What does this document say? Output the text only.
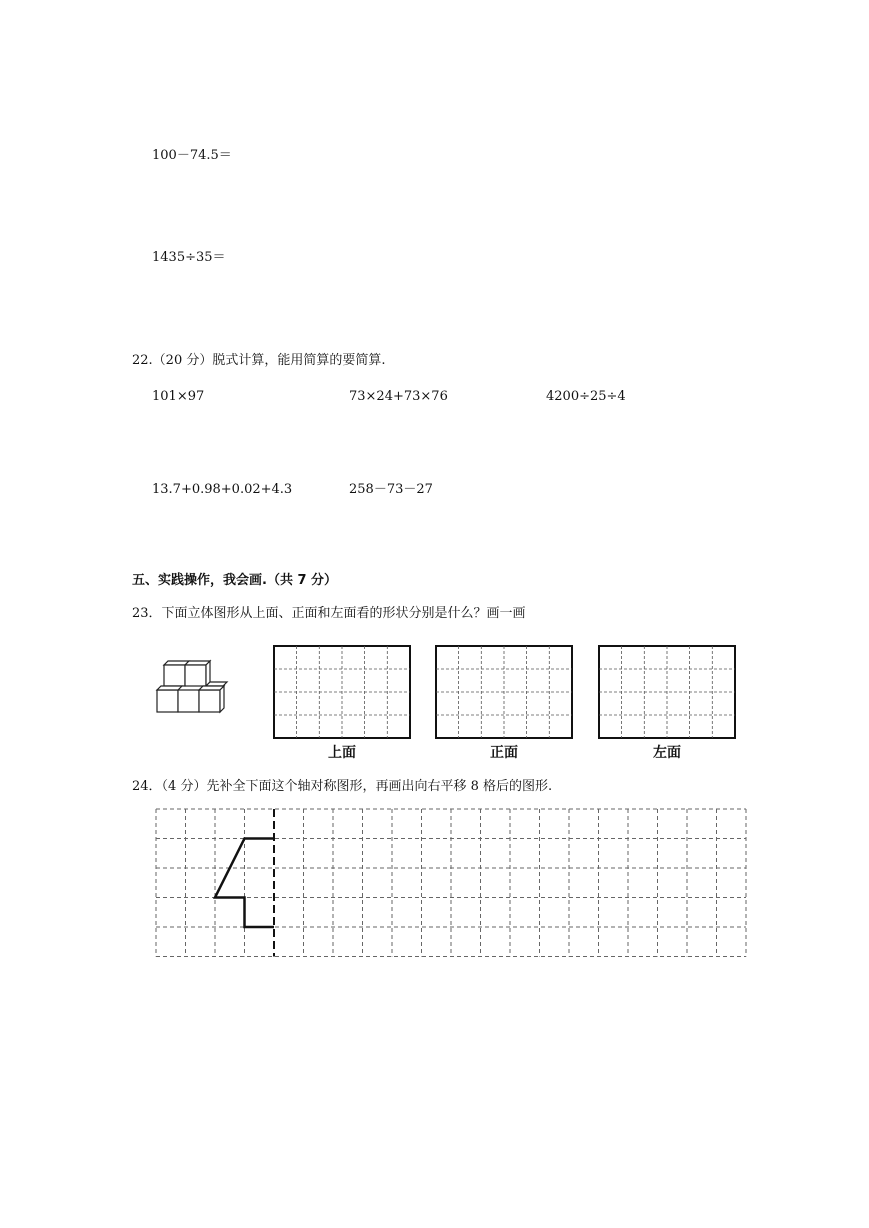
100－74.5＝
1435÷35＝
22.（20 分）脱式计算，能用简算的要简算.
101×97	73×24+73×76	4200÷25÷4
13.7+0.98+0.02+4.3	258－73－27
五、实践操作，我会画.（共 7 分）
23．下面立体图形从上面、正面和左面看的形状分别是什么？画一画
上面	正面	左面
24．（4 分）先补全下面这个轴对称图形，再画出向右平移 8 格后的图形.
